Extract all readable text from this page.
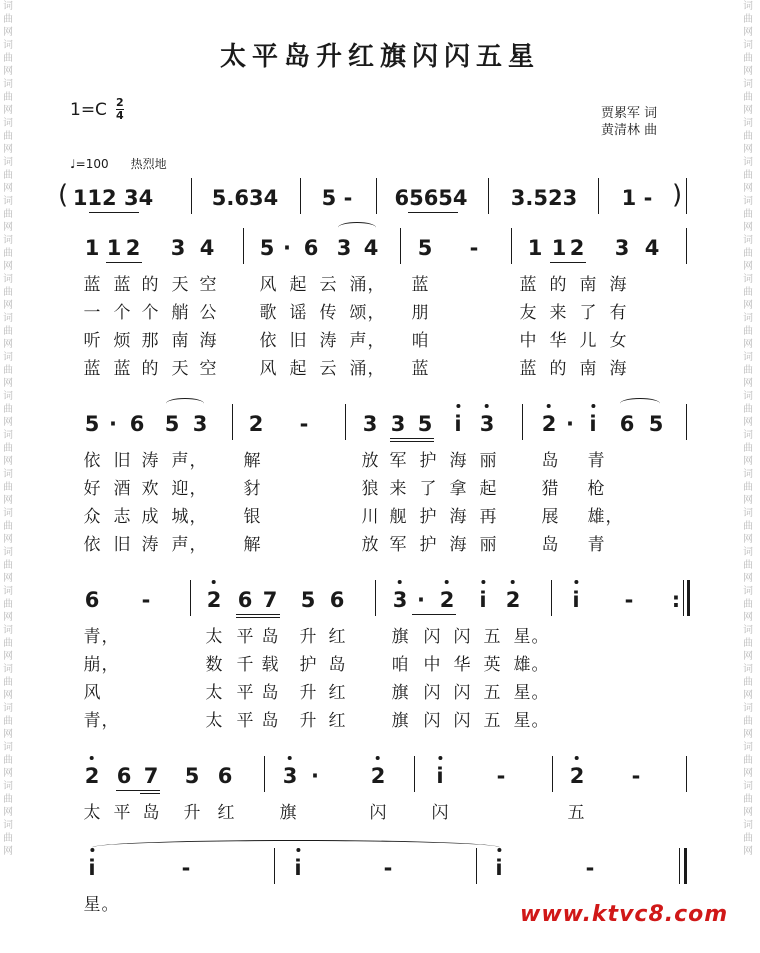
词曲网词曲网词曲网词曲网词曲网词曲网词曲网词曲网词曲网词曲网词曲网词曲网词曲网词曲网词曲网词曲网词曲网词曲网词曲网词曲网词曲网词曲网
词曲网词曲网词曲网词曲网词曲网词曲网词曲网词曲网词曲网词曲网词曲网词曲网词曲网词曲网词曲网词曲网词曲网词曲网词曲网词曲网词曲网词曲网
太平岛升红旗闪闪五星
1=C 2
4	贾累军 词
黄清林 曲
♩=100 热烈地
( 112 34	5.634 5 - 65654 3.523 1 - )
1 1 2 3 4 5 · 6 3 4 5 - 1 1 2 3 4
蓝 蓝 的 天 空	风 起 云 涌 ， 蓝	蓝 的 南 海
一 个 个 艄 公	歌 谣 传 颂 ， 朋	友 来 了 有
听 烦 那 南 海	依 旧 涛 声 ， 咱	中 华 儿 女
蓝 蓝 的 天 空	风 起 云 涌 ， 蓝	蓝 的 南 海
5 · 6 5 3 2 -	3 3 5 i 3 2 · i 6 5
依 旧 涛 声 ， 解	放 军 护 海 丽	岛 青
好 酒 欢 迎 ， 豺	狼 来 了 拿 起	猎 枪
众 志 成 城 ， 银	川 舰 护 海 再	展 雄 ，
依 旧 涛 声 ， 解	放 军 护 海 丽	岛 青
6 -	2 6 7 5 6 3 · 2 i 2 i - :
青 ，	太 平 岛 升 红	旗 闪 闪 五 星 。
崩 ，	数 千 载 护 岛	咱 中 华 英 雄 。
风	太 平 岛 升 红	旗 闪 闪 五 星 。
青 ，	太 平 岛 升 红	旗 闪 闪 五 星 。
2 6 7 5 6 3 · 2 i	-	2 -
太 平 岛 升 红	旗	闪	闪	五
i	-	i	-	i	-
星 。	www.ktvc8.com
